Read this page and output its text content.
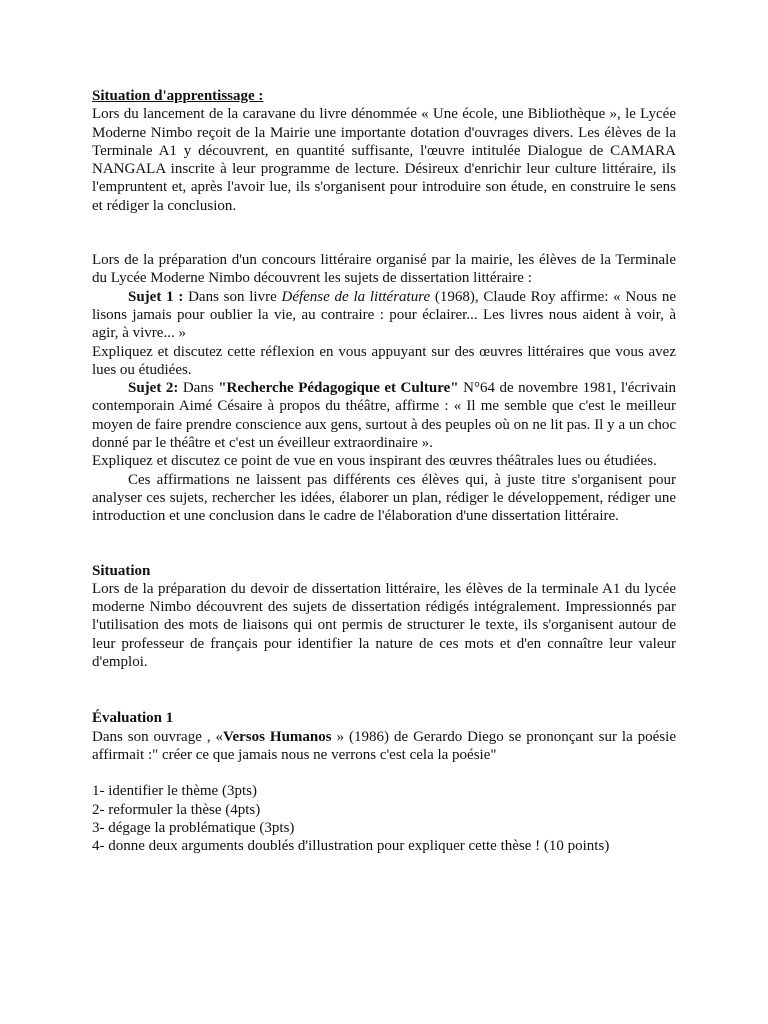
Situation d'apprentissage :

Lors du lancement de la caravane du livre dénommée « Une école, une Bibliothèque », le Lycée Moderne Nimbo reçoit de la Mairie une importante dotation d'ouvrages divers. Les élèves de la Terminale A1 y découvrent, en quantité suffisante, l'œuvre intitulée Dialogue de CAMARA NANGALA inscrite à leur programme de lecture. Désireux d'enrichir leur culture littéraire, ils l'empruntent et, après l'avoir lue, ils s'organisent pour introduire son étude, en construire le sens et rédiger la conclusion.

Lors de la préparation d'un concours littéraire organisé par la mairie, les élèves de la Terminale du Lycée Moderne Nimbo découvrent les sujets de dissertation littéraire :

Sujet 1 : Dans son livre Défense de la littérature (1968), Claude Roy affirme: « Nous ne lisons jamais pour oublier la vie, au contraire : pour éclairer... Les livres nous aident à voir, à agir, à vivre... »

Expliquez et discutez cette réflexion en vous appuyant sur des œuvres littéraires que vous avez lues ou étudiées.

Sujet 2: Dans "Recherche Pédagogique et Culture" N°64 de novembre 1981, l'écrivain contemporain Aimé Césaire à propos du théâtre, affirme : « Il me semble que c'est le meilleur moyen de faire prendre conscience aux gens, surtout à des peuples où on ne lit pas. Il y a un choc donné par le théâtre et c'est un éveilleur extraordinaire ».

Expliquez et discutez ce point de vue en vous inspirant des œuvres théâtrales lues ou étudiées.

Ces affirmations ne laissent pas différents ces élèves qui, à juste titre s'organisent pour analyser ces sujets, rechercher les idées, élaborer un plan, rédiger le développement, rédiger une introduction et une conclusion dans le cadre de l'élaboration d'une dissertation littéraire.

Situation

Lors de la préparation du devoir de dissertation littéraire, les élèves de la terminale A1 du lycée moderne Nimbo découvrent des sujets de dissertation rédigés intégralement. Impressionnés par l'utilisation des mots de liaisons qui ont permis de structurer le texte, ils s'organisent autour de leur professeur de français pour identifier la nature de ces mots et d'en connaître leur valeur d'emploi.

Évaluation 1

Dans son ouvrage , «Versos Humanos » (1986) de Gerardo Diego se prononçant sur la poésie affirmait :" créer ce que jamais nous ne verrons c'est cela la poésie"

1- identifier le thème (3pts)

2- reformuler la thèse (4pts)

3- dégage la problématique (3pts)

4- donne deux arguments doublés d'illustration pour expliquer cette thèse ! (10 points)
